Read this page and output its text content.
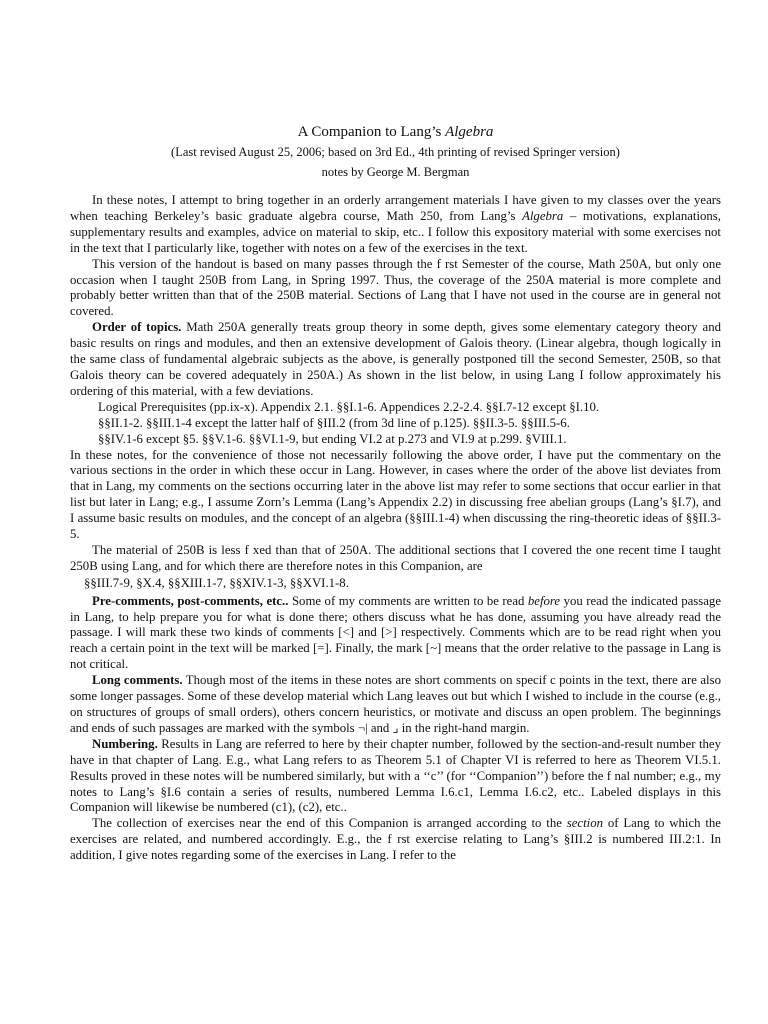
A Companion to Lang’s Algebra

(Last revised August 25, 2006; based on 3rd Ed., 4th printing of revised Springer version)

notes by George M. Bergman

In these notes, I attempt to bring together in an orderly arrangement materials I have given to my classes over the years when teaching Berkeley’s basic graduate algebra course, Math 250, from Lang’s Algebra – motivations, explanations, supplementary results and examples, advice on material to skip, etc.. I follow this expository material with some exercises not in the text that I particularly like, together with notes on a few of the exercises in the text.

This version of the handout is based on many passes through the f rst Semester of the course, Math 250A, but only one occasion when I taught 250B from Lang, in Spring 1997. Thus, the coverage of the 250A material is more complete and probably better written than that of the 250B material. Sections of Lang that I have not used in the course are in general not covered.

Order of topics. Math 250A generally treats group theory in some depth, gives some elementary category theory and basic results on rings and modules, and then an extensive development of Galois theory. (Linear algebra, though logically in the same class of fundamental algebraic subjects as the above, is generally postponed till the second Semester, 250B, so that Galois theory can be covered adequately in 250A.) As shown in the list below, in using Lang I follow approximately his ordering of this material, with a few deviations.

Logical Prerequisites (pp.ix-x). Appendix 2.1. §§I.1-6. Appendices 2.2-2.4. §§I.7-12 except §I.10.
§§II.1-2. §§III.1-4 except the latter half of §III.2 (from 3d line of p.125). §§II.3-5. §§III.5-6.
§§IV.1-6 except §5. §§V.1-6. §§VI.1-9, but ending VI.2 at p.273 and VI.9 at p.299. §VIII.1.

In these notes, for the convenience of those not necessarily following the above order, I have put the commentary on the various sections in the order in which these occur in Lang. However, in cases where the order of the above list deviates from that in Lang, my comments on the sections occurring later in the above list may refer to some sections that occur earlier in that list but later in Lang; e.g., I assume Zorn’s Lemma (Lang’s Appendix 2.2) in discussing free abelian groups (Lang’s §I.7), and I assume basic results on modules, and the concept of an algebra (§§III.1-4) when discussing the ring-theoretic ideas of §§II.3-5.

The material of 250B is less f xed than that of 250A. The additional sections that I covered the one recent time I taught 250B using Lang, and for which there are therefore notes in this Companion, are

§§III.7-9, §X.4, §§XIII.1-7, §§XIV.1-3, §§XVI.1-8.

Pre-comments, post-comments, etc.. Some of my comments are written to be read before you read the indicated passage in Lang, to help prepare you for what is done there; others discuss what he has done, assuming you have already read the passage. I will mark these two kinds of comments [<] and [>] respectively. Comments which are to be read right when you reach a certain point in the text will be marked [=]. Finally, the mark [~] means that the order relative to the passage in Lang is not critical.

Long comments. Though most of the items in these notes are short comments on specif c points in the text, there are also some longer passages. Some of these develop material which Lang leaves out but which I wished to include in the course (e.g., on structures of groups of small orders), others concern heuristics, or motivate and discuss an open problem. The beginnings and ends of such passages are marked with the symbols ¬| and ⌟ in the right-hand margin.

Numbering. Results in Lang are referred to here by their chapter number, followed by the section-and-result number they have in that chapter of Lang. E.g., what Lang refers to as Theorem 5.1 of Chapter VI is referred to here as Theorem VI.5.1. Results proved in these notes will be numbered similarly, but with a ‘‘c’’ (for ‘‘Companion’’) before the f nal number; e.g., my notes to Lang’s §I.6 contain a series of results, numbered Lemma I.6.c1, Lemma I.6.c2, etc.. Labeled displays in this Companion will likewise be numbered (c1), (c2), etc..

The collection of exercises near the end of this Companion is arranged according to the section of Lang to which the exercises are related, and numbered accordingly. E.g., the f rst exercise relating to Lang’s §III.2 is numbered III.2:1. In addition, I give notes regarding some of the exercises in Lang. I refer to the
